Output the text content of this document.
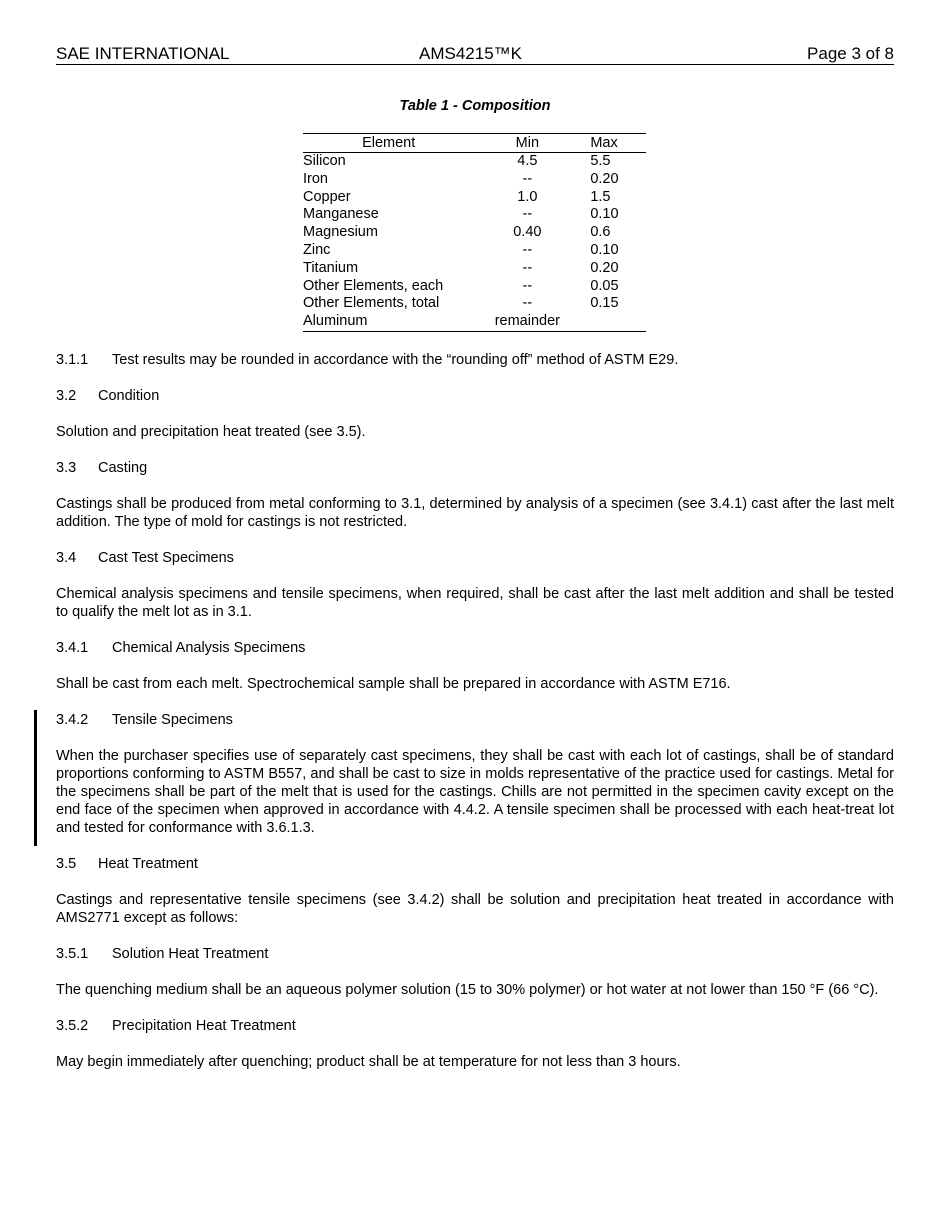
SAE INTERNATIONAL	AMS4215™K	Page 3 of 8
Table 1 - Composition
Element	Min	Max
Silicon	4.5	5.5
Iron	--	0.20
Copper	1.0	1.5
Manganese	--	0.10
Magnesium	0.40	0.6
Zinc	--	0.10
Titanium	--	0.20
Other Elements, each	--	0.05
Other Elements, total	--	0.15
Aluminum	remainder	
3.1.1 Test results may be rounded in accordance with the “rounding off” method of ASTM E29.
3.2 Condition

Solution and precipitation heat treated (see 3.5).

3.3 Casting

Castings shall be produced from metal conforming to 3.1, determined by analysis of a specimen (see 3.4.1) cast after the last melt addition. The type of mold for castings is not restricted.

3.4 Cast Test Specimens

Chemical analysis specimens and tensile specimens, when required, shall be cast after the last melt addition and shall be tested to qualify the melt lot as in 3.1.

3.4.1 Chemical Analysis Specimens

Shall be cast from each melt. Spectrochemical sample shall be prepared in accordance with ASTM E716.

3.4.2 Tensile Specimens

When the purchaser specifies use of separately cast specimens, they shall be cast with each lot of castings, shall be of standard proportions conforming to ASTM B557, and shall be cast to size in molds representative of the practice used for castings. Metal for the specimens shall be part of the melt that is used for the castings. Chills are not permitted in the specimen cavity except on the end face of the specimen when approved in accordance with 4.4.2. A tensile specimen shall be processed with each heat-treat lot and tested for conformance with 3.6.1.3.

3.5 Heat Treatment

Castings and representative tensile specimens (see 3.4.2) shall be solution and precipitation heat treated in accordance with AMS2771 except as follows:

3.5.1 Solution Heat Treatment

The quenching medium shall be an aqueous polymer solution (15 to 30% polymer) or hot water at not lower than 150 °F (66 °C).

3.5.2 Precipitation Heat Treatment

May begin immediately after quenching; product shall be at temperature for not less than 3 hours.
